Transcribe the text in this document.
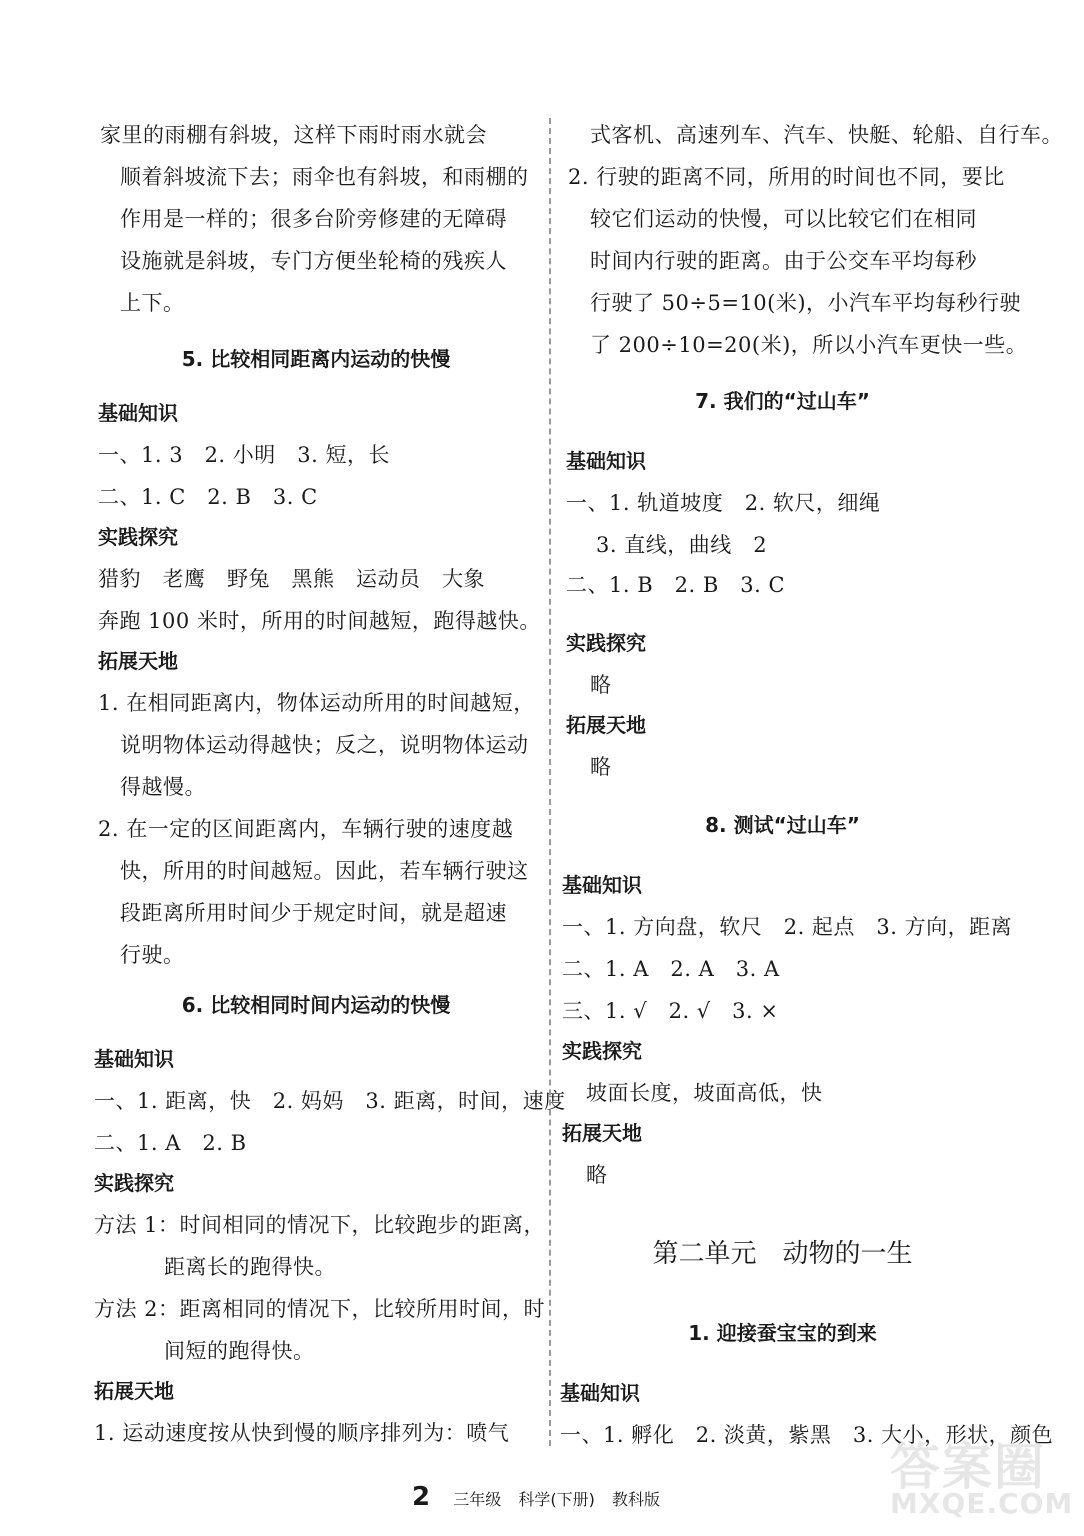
家里的雨棚有斜坡，这样下雨时雨水就会
顺着斜坡流下去；雨伞也有斜坡，和雨棚的
作用是一样的；很多台阶旁修建的无障碍
设施就是斜坡，专门方便坐轮椅的残疾人
上下。
5. 比较相同距离内运动的快慢
基础知识
一、1. 3　2. 小明　3. 短，长
二、1. C　2. B　3. C
实践探究
猎豹　老鹰　野兔　黑熊　运动员　大象
奔跑 100 米时，所用的时间越短，跑得越快。
拓展天地
1. 在相同距离内，物体运动所用的时间越短，
说明物体运动得越快；反之，说明物体运动
得越慢。
2. 在一定的区间距离内，车辆行驶的速度越
快，所用的时间越短。因此，若车辆行驶这
段距离所用时间少于规定时间，就是超速
行驶。
6. 比较相同时间内运动的快慢
基础知识
一、1. 距离，快　2. 妈妈　3. 距离，时间，速度
二、1. A　2. B
实践探究
方法 1：时间相同的情况下，比较跑步的距离，
距离长的跑得快。
方法 2：距离相同的情况下，比较所用时间，时
间短的跑得快。
拓展天地
1. 运动速度按从快到慢的顺序排列为：喷气
式客机、高速列车、汽车、快艇、轮船、自行车。
2. 行驶的距离不同，所用的时间也不同，要比
较它们运动的快慢，可以比较它们在相同
时间内行驶的距离。由于公交车平均每秒
行驶了 50÷5=10(米)，小汽车平均每秒行驶
了 200÷10=20(米)，所以小汽车更快一些。
7. 我们的“过山车”
基础知识
一、1. 轨道坡度　2. 软尺，细绳
3. 直线，曲线　2
二、1. B　2. B　3. C
实践探究
略
拓展天地
略
8. 测试“过山车”
基础知识
一、1. 方向盘，软尺　2. 起点　3. 方向，距离
二、1. A　2. A　3. A
三、1. √　2. √　3. ×
实践探究
坡面长度，坡面高低，快
拓展天地
略
第二单元　动物的一生
1. 迎接蚕宝宝的到来
基础知识
一、1. 孵化　2. 淡黄，紫黑　3. 大小，形状，颜色
答案圈
MXQE.COM
2 三年级 科学(下册) 教科版
